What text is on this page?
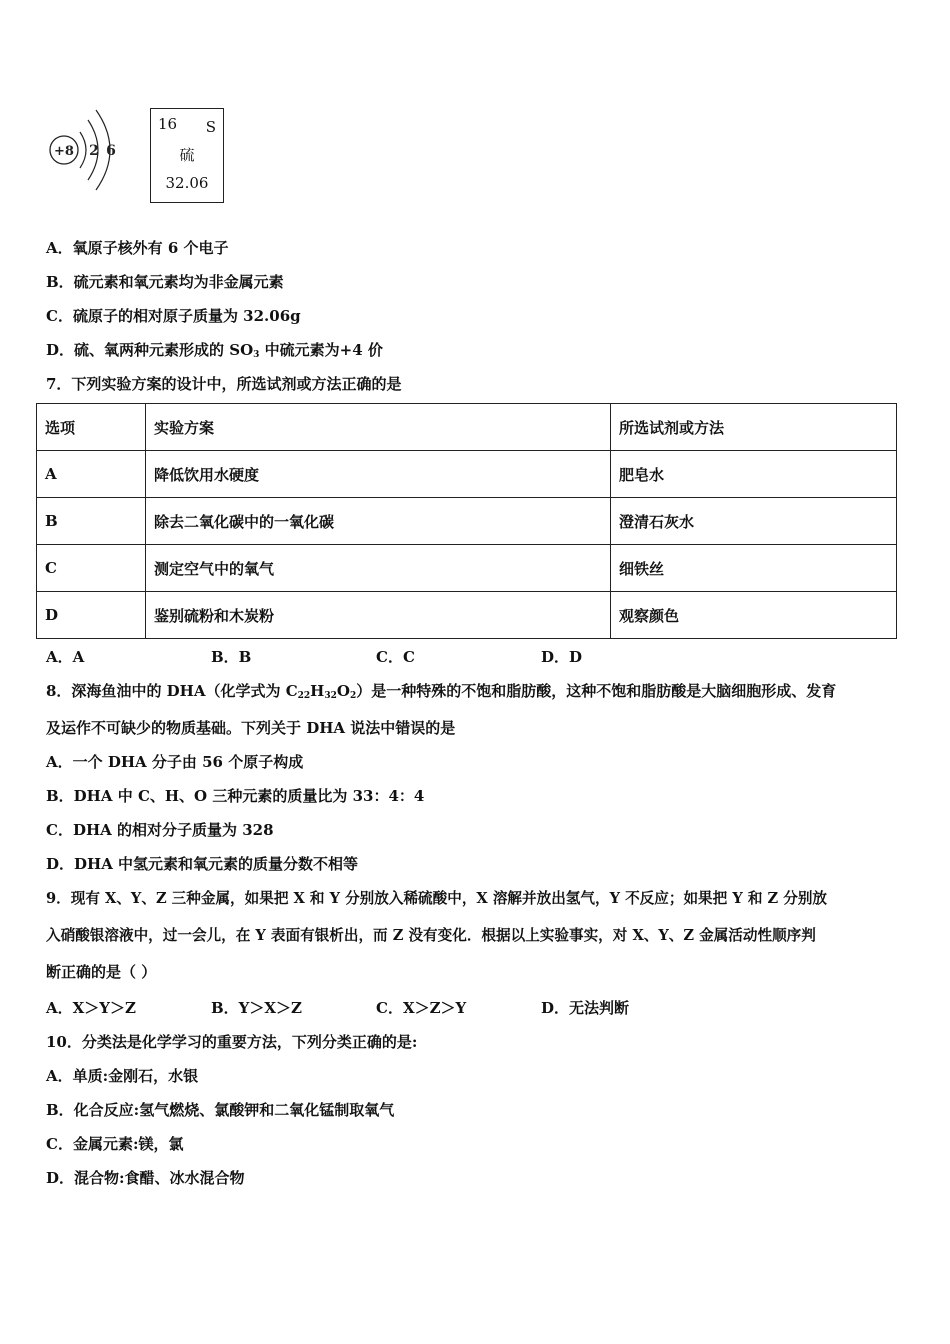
+8 2 6
16 S
硫
32.06
A．氧原子核外有 6 个电子
B．硫元素和氧元素均为非金属元素
C．硫原子的相对原子质量为 32.06g
D．硫、氧两种元素形成的 $SO_3$ 中硫元素为+4 价
7．下列实验方案的设计中，所选试剂或方法正确的是
选项	实验方案	所选试剂或方法
A	降低饮用水硬度	肥皂水
B	除去二氧化碳中的一氧化碳	澄清石灰水
C	测定空气中的氧气	细铁丝
D	鉴别硫粉和木炭粉	观察颜色
A．A	B．B	C．C	D．D
8．深海鱼油中的 DHA（化学式为 $C_{22}H_{32}O_2$）是一种特殊的不饱和脂肪酸，这种不饱和脂肪酸是大脑细胞形成、发育
及运作不可缺少的物质基础。下列关于 DHA 说法中错误的是
A．一个 DHA 分子由 56 个原子构成
B．DHA 中 C、H、O 三种元素的质量比为 33：4：4
C．DHA 的相对分子质量为 328
D．DHA 中氢元素和氧元素的质量分数不相等
9．现有 X、Y、Z 三种金属，如果把 X 和 Y 分别放入稀硫酸中，X 溶解并放出氢气，Y 不反应；如果把 Y 和 Z 分别放
入硝酸银溶液中，过一会儿，在 Y 表面有银析出，而 Z 没有变化．根据以上实验事实，对 X、Y、Z 金属活动性顺序判
断正确的是（ ）
A．X＞Y＞Z	B．Y＞X＞Z	C．X＞Z＞Y	D．无法判断
10．分类法是化学学习的重要方法，下列分类正确的是:
A．单质:金刚石，水银
B．化合反应:氢气燃烧、氯酸钾和二氧化锰制取氧气
C．金属元素:镁，氯
D．混合物:食醋、冰水混合物
